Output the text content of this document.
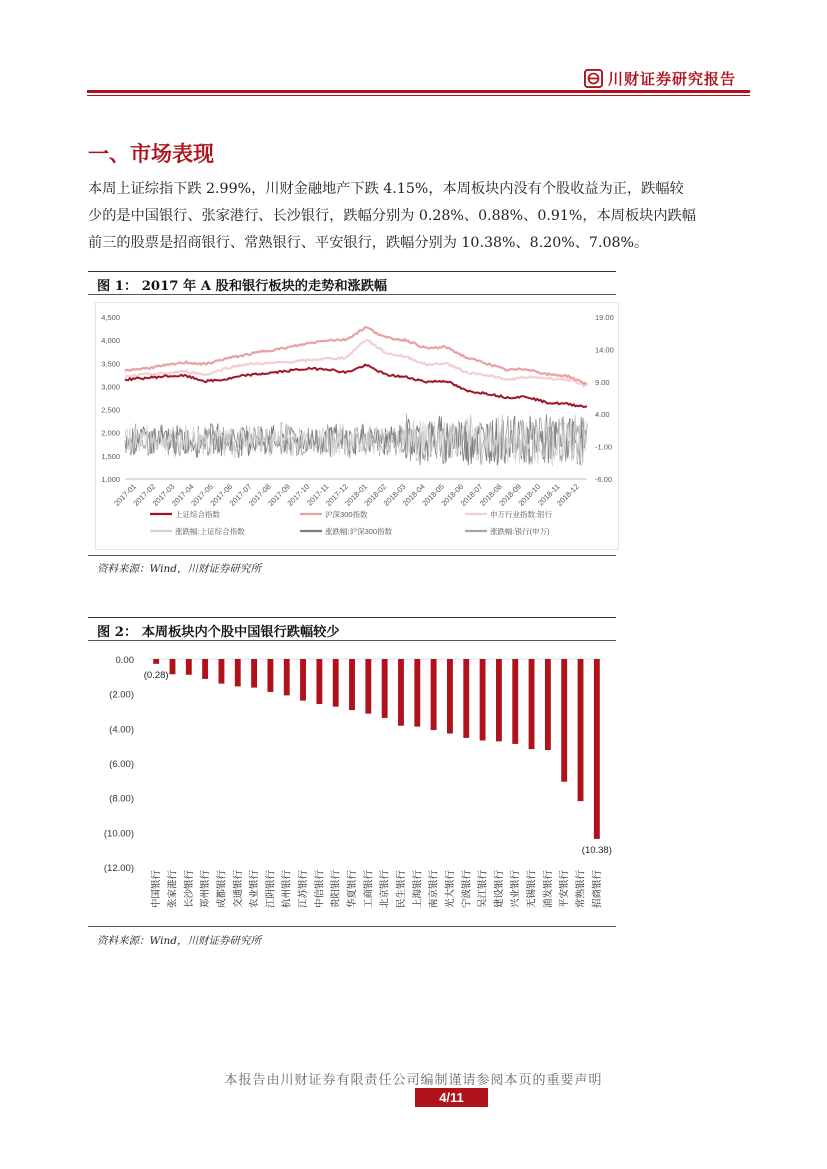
川财证券研究报告
一、市场表现

本周上证综指下跌 2.99%，川财金融地产下跌 4.15%，本周板块内没有个股收益为正，跌幅较

少的是中国银行、张家港行、长沙银行，跌幅分别为 0.28%、0.88%、0.91%，本周板块内跌幅

前三的股票是招商银行、常熟银行、平安银行，跌幅分别为 10.38%、8.20%、7.08%。

图 1： 2017 年 A 股和银行板块的走势和涨跌幅
4,500
4,000
3,500
3,000
2,500
2,000
1,500
1,000
19.00
14.00
9.00
4.00
-1.00
-6.00
2017-01
2017-02
2017-03
2017-04
2017-05
2017-06
2017-07
2017-08
2017-09
2017-10
2017-11
2017-12
2018-01
2018-02
2018-03
2018-04
2018-05
2018-06
2018-07
2018-08
2018-09
2018-10
2018-11
2018-12
上证综合指数	沪深300指数	申万行业指数:银行
涨跌幅:上证综合指数	涨跌幅:沪深300指数	涨跌幅:银行(申万)
资料来源：Wind，川财证券研究所
图 2： 本周板块内个股中国银行跌幅较少
0.00
(2.00)
(4.00)
(6.00)
(8.00)
(10.00)
(12.00)
中国银行
(0.28)
张家港行 长沙银行 郑州银行 成都银行 交通银行 农业银行 江阴银行 杭州银行 江苏银行 中信银行 贵阳银行 华夏银行 工商银行 北京银行 民生银行 上海银行 南京银行 光大银行 宁波银行 吴江银行 建设银行 兴业银行 无锡银行 浦发银行 平安银行 常熟银行 招商银行
(10.38)
资料来源：Wind，川财证券研究所
本报告由川财证券有限责任公司编制谨请参阅本页的重要声明
4/11
